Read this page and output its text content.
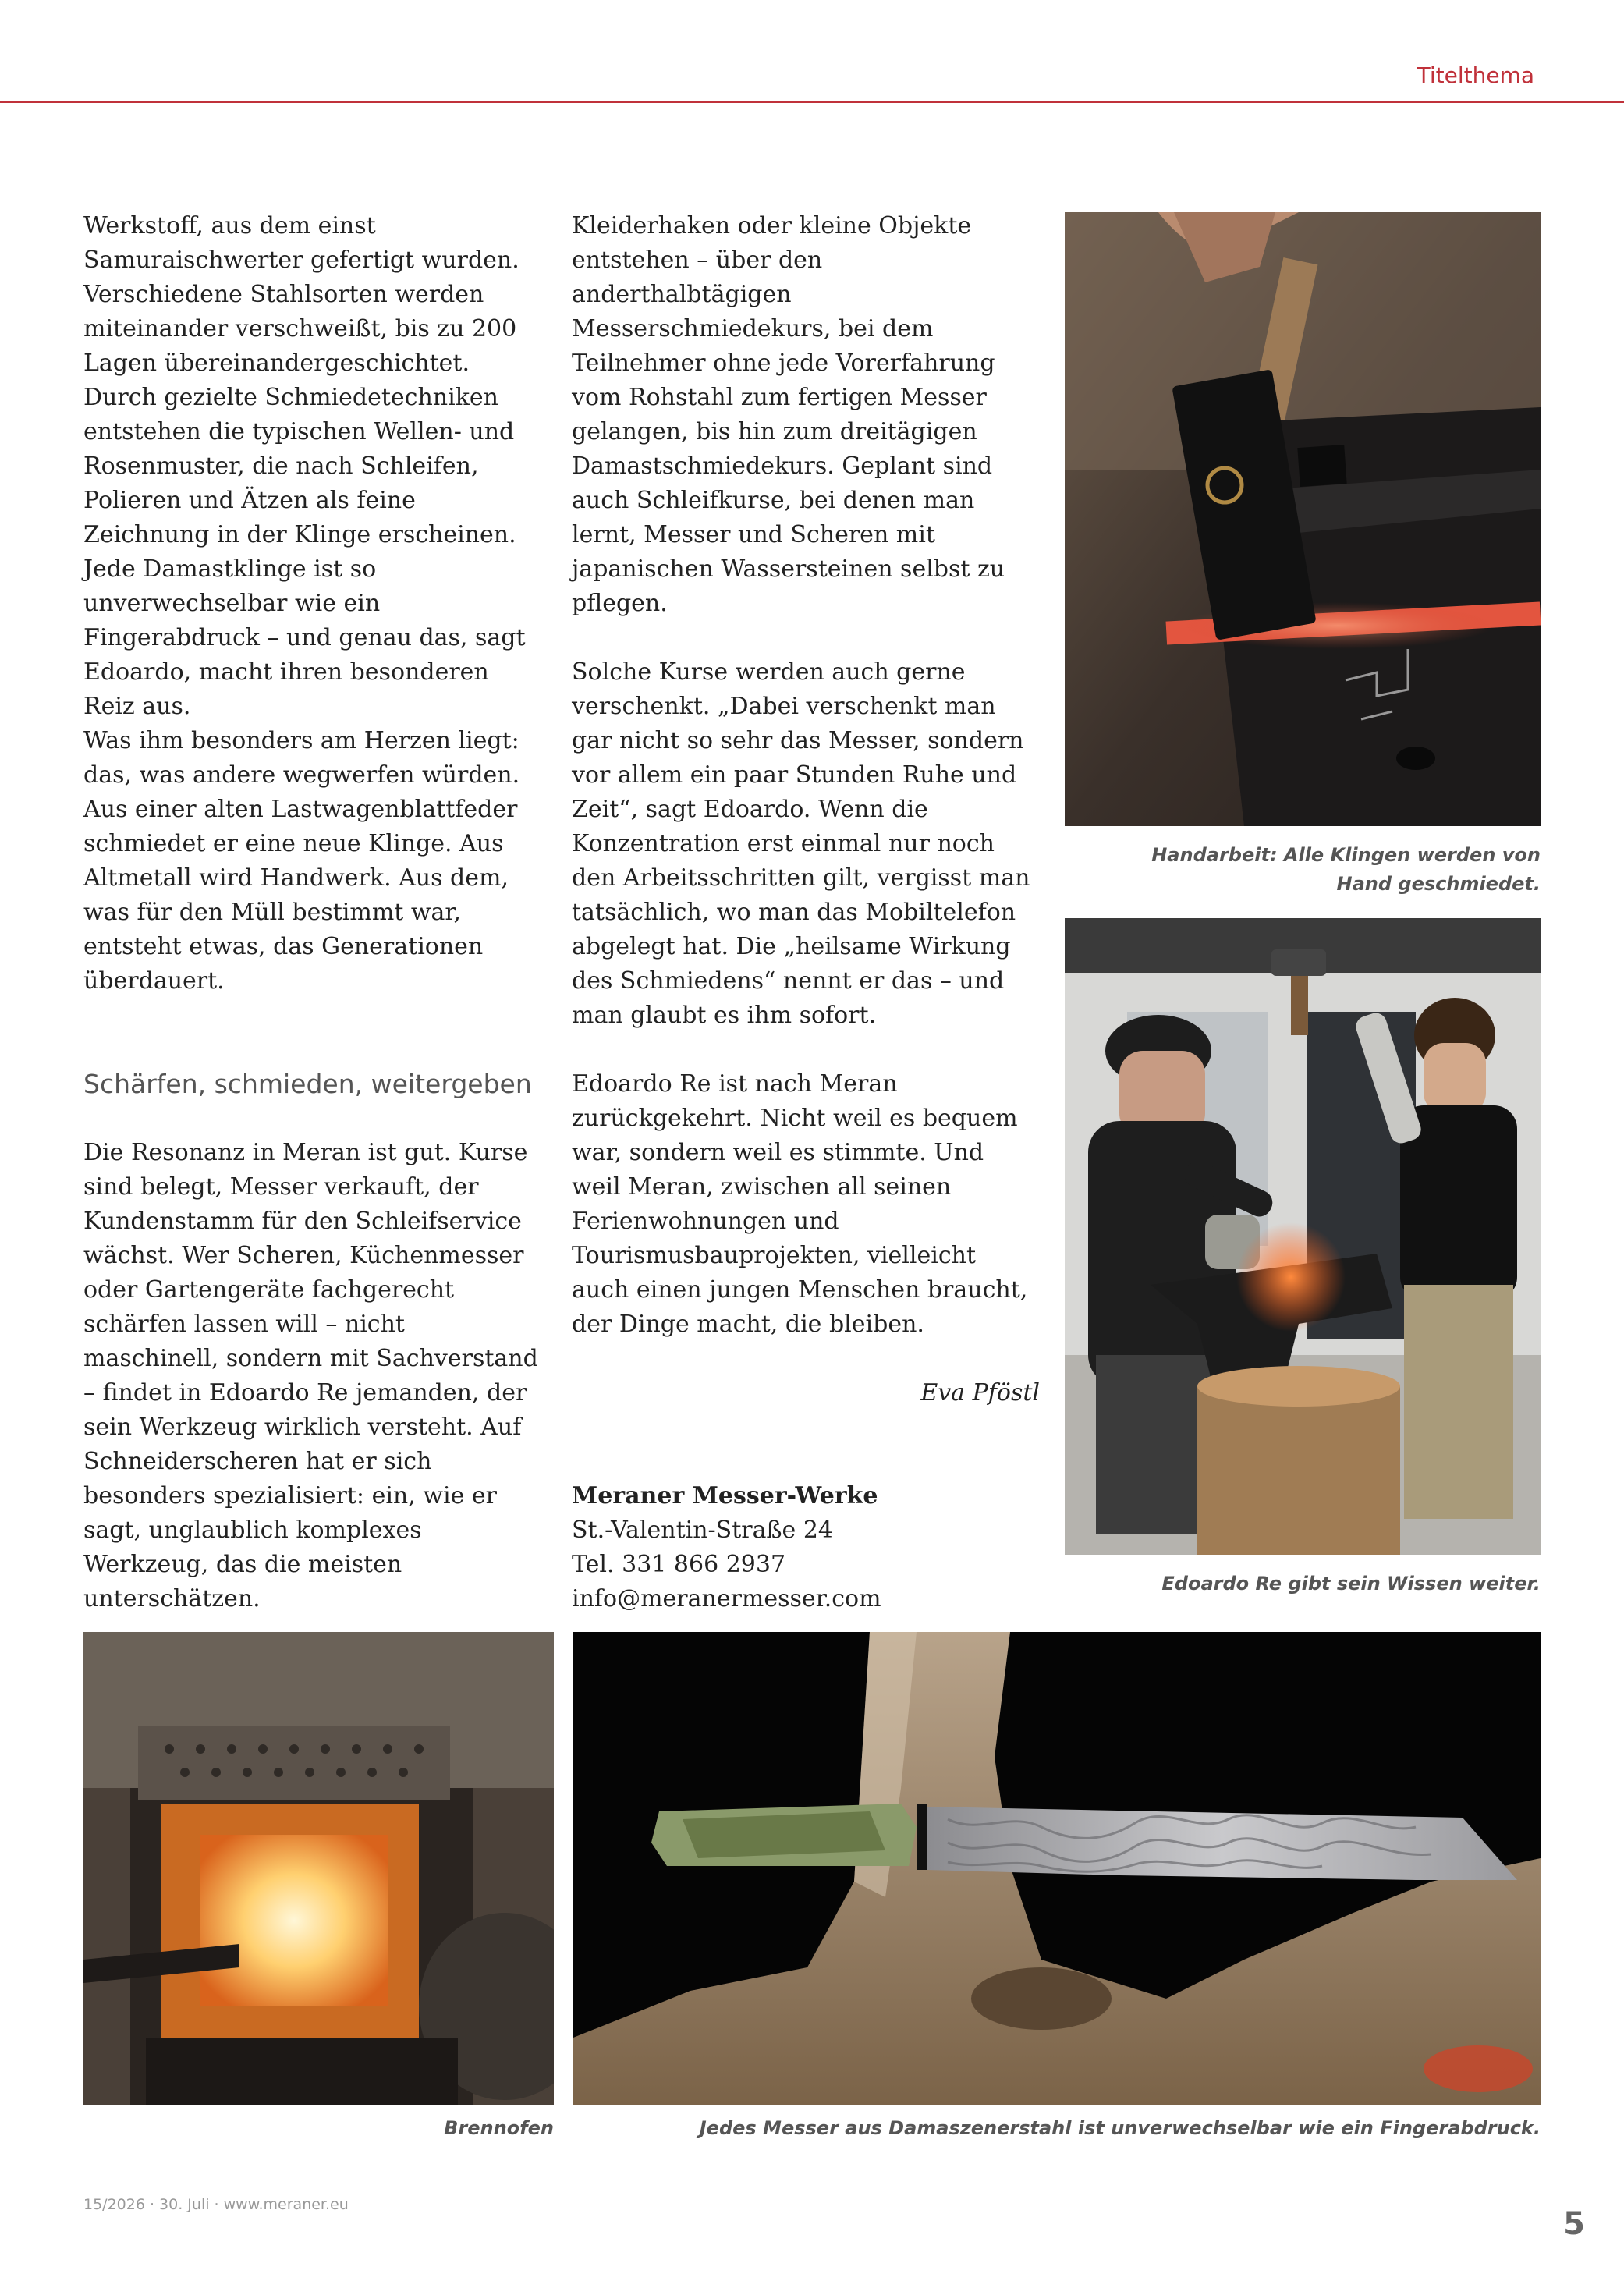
Titelthema

Werkstoff, aus dem einst Samuraischwerter gefertigt wurden. Verschiedene Stahlsorten werden miteinander verschweißt, bis zu 200 Lagen übereinandergeschichtet. Durch gezielte Schmiedetechniken entstehen die typischen Wellen- und Rosenmuster, die nach Schleifen, Polieren und Ätzen als feine Zeichnung in der Klinge erscheinen. Jede Damastklinge ist so unverwechselbar wie ein Fingerabdruck – und genau das, sagt Edoardo, macht ihren besonderen Reiz aus.

Was ihm besonders am Herzen liegt: das, was andere wegwerfen würden. Aus einer alten Lastwagenblattfeder schmiedet er eine neue Klinge. Aus Altmetall wird Handwerk. Aus dem, was für den Müll bestimmt war, entsteht etwas, das Generationen überdauert.

Schärfen, schmieden, weitergeben

Die Resonanz in Meran ist gut. Kurse sind belegt, Messer verkauft, der Kundenstamm für den Schleifservice wächst. Wer Scheren, Küchenmesser oder Gartengeräte fachgerecht schärfen lassen will – nicht maschinell, sondern mit Sachverstand – findet in Edoardo Re jemanden, der sein Werkzeug wirklich versteht. Auf Schneiderscheren hat er sich besonders spezialisiert: ein, wie er sagt, unglaublich komplexes Werkzeug, das die meisten unterschätzen.

Kleiderhaken oder kleine Objekte entstehen – über den anderthalbtägigen Messerschmiedekurs, bei dem Teilnehmer ohne jede Vorerfahrung vom Rohstahl zum fertigen Messer gelangen, bis hin zum dreitägigen Damastschmiedekurs. Geplant sind auch Schleifkurse, bei denen man lernt, Messer und Scheren mit japanischen Wassersteinen selbst zu pflegen.

Solche Kurse werden auch gerne verschenkt. „Dabei verschenkt man gar nicht so sehr das Messer, sondern vor allem ein paar Stunden Ruhe und Zeit“, sagt Edoardo. Wenn die Konzentration erst einmal nur noch den Arbeitsschritten gilt, vergisst man tatsächlich, wo man das Mobiltelefon abgelegt hat. Die „heilsame Wirkung des Schmiedens“ nennt er das – und man glaubt es ihm sofort.

Edoardo Re ist nach Meran zurückgekehrt. Nicht weil es bequem war, sondern weil es stimmte. Und weil Meran, zwischen all seinen Ferienwohnungen und Tourismusbauprojekten, vielleicht auch einen jungen Menschen braucht, der Dinge macht, die bleiben.

Eva Pföstl

Meraner Messer-Werke

St.-Valentin-Straße 24

Tel. 331 866 2937

info@meranermesser.com

Handarbeit: Alle Klingen werden von
Hand geschmiedet.
Edoardo Re gibt sein Wissen weiter.
Brennofen	Jedes Messer aus Damaszenerstahl ist unverwechselbar wie ein Fingerabdruck.
15/2026 · 30. Juli · www.meraner.eu
5
